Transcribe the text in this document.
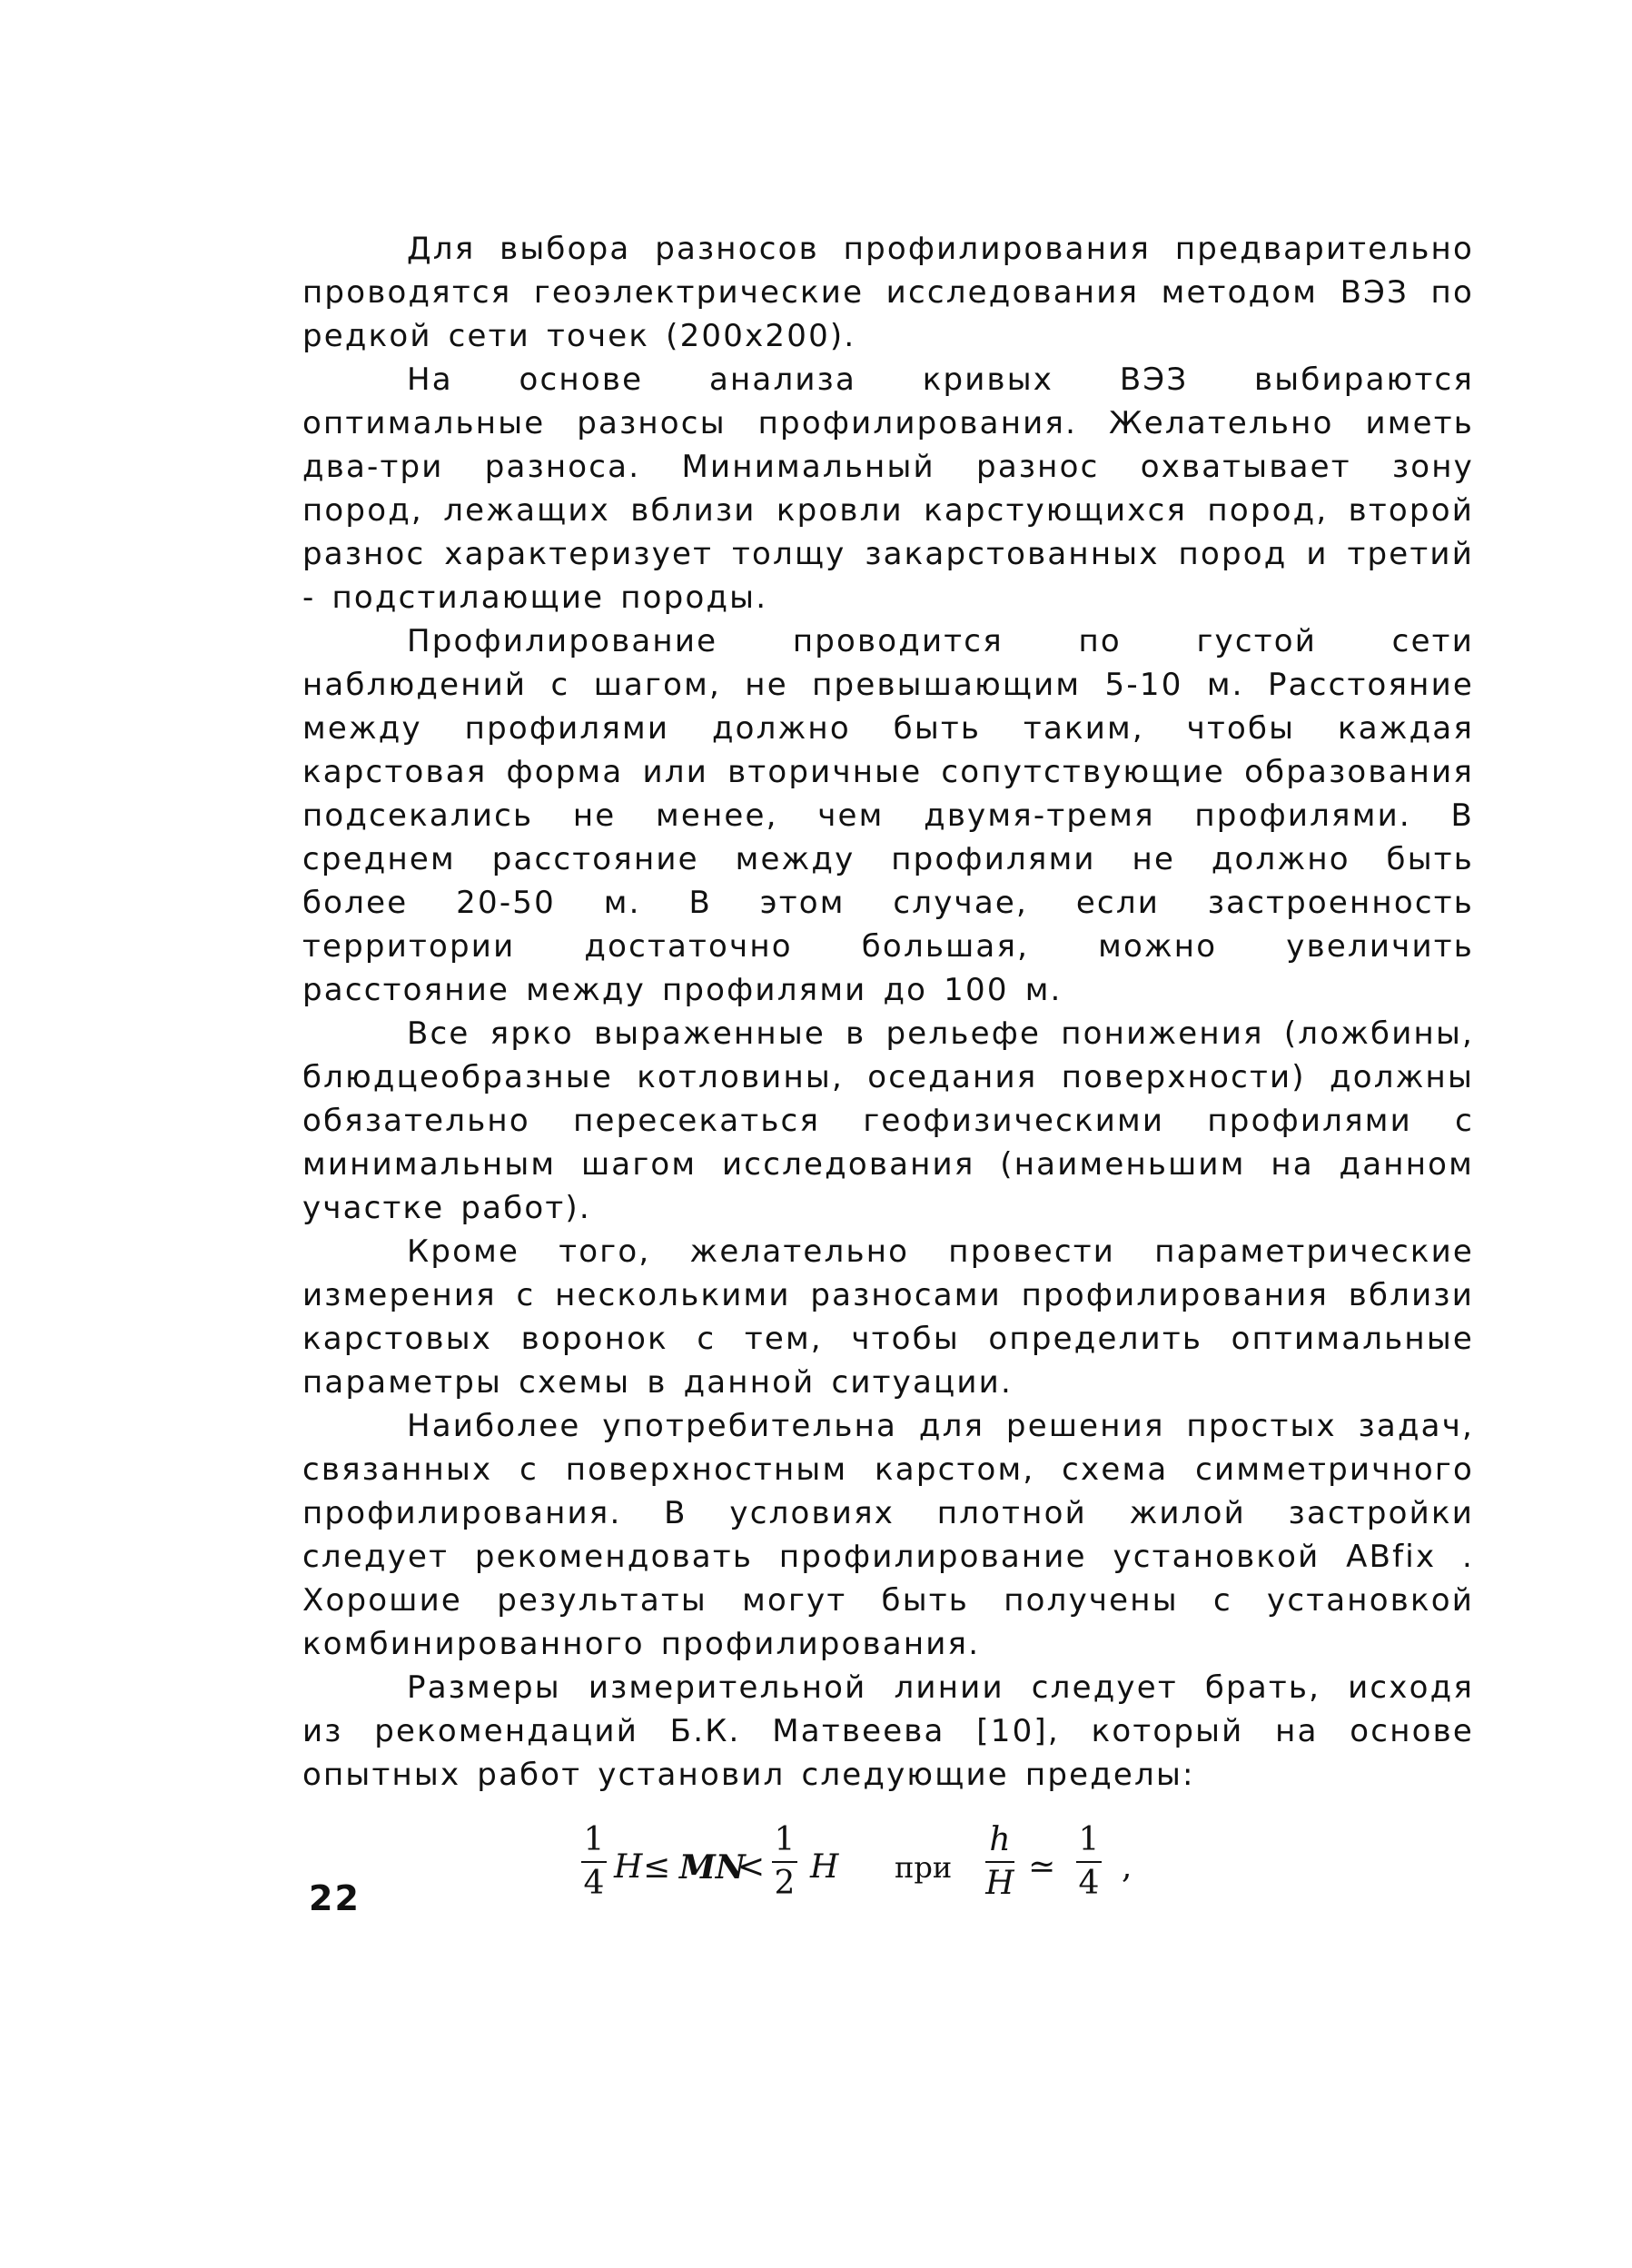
Для выбора разносов профилирования предварительно проводятся геоэлектрические исследования методом ВЭЗ по редкой сети точек (200х200).

На основе анализа кривых ВЭЗ выбираются оптимальные разносы профилирования. Желательно иметь два-три разноса. Минимальный разнос охватывает зону пород, лежащих вблизи кровли карстующихся пород, второй разнос характеризует толщу закарстованных пород и третий - подстилающие породы.

Профилирование проводится по густой сети наблюдений с шагом, не превышающим 5-10 м. Расстояние между профилями должно быть таким, чтобы каждая карстовая форма или вторичные сопутствующие образования подсекались не менее, чем двумя-тремя профилями. В среднем расстояние между профилями не должно быть более 20-50 м. В этом случае, если застроенность территории достаточно большая, можно увеличить расстояние между профилями до 100 м.

Все ярко выраженные в рельефе понижения (ложбины, блюдцеобразные котловины, оседания поверхности) должны обязательно пересекаться геофизическими профилями с минимальным шагом исследования (наименьшим на данном участке работ).

Кроме того, желательно провести параметрические измерения с несколькими разносами профилирования вблизи карстовых воронок с тем, чтобы определить оптимальные параметры схемы в данной ситуации.

Наиболее употребительна для решения простых задач, связанных с поверхностным карстом, схема симметричного профилирования. В условиях плотной жилой застройки следует рекомендовать профилирование установкой ABfix . Хорошие результаты могут быть получены с установкой комбинированного профилирования.

Размеры измерительной линии следует брать, исходя из рекомендаций Б.К. Матвеева [10], который на основе опытных работ установил следующие пределы:

1
4 H ≤ MN
<
1
2 H при
h
H ≃
1
4 ,
22
